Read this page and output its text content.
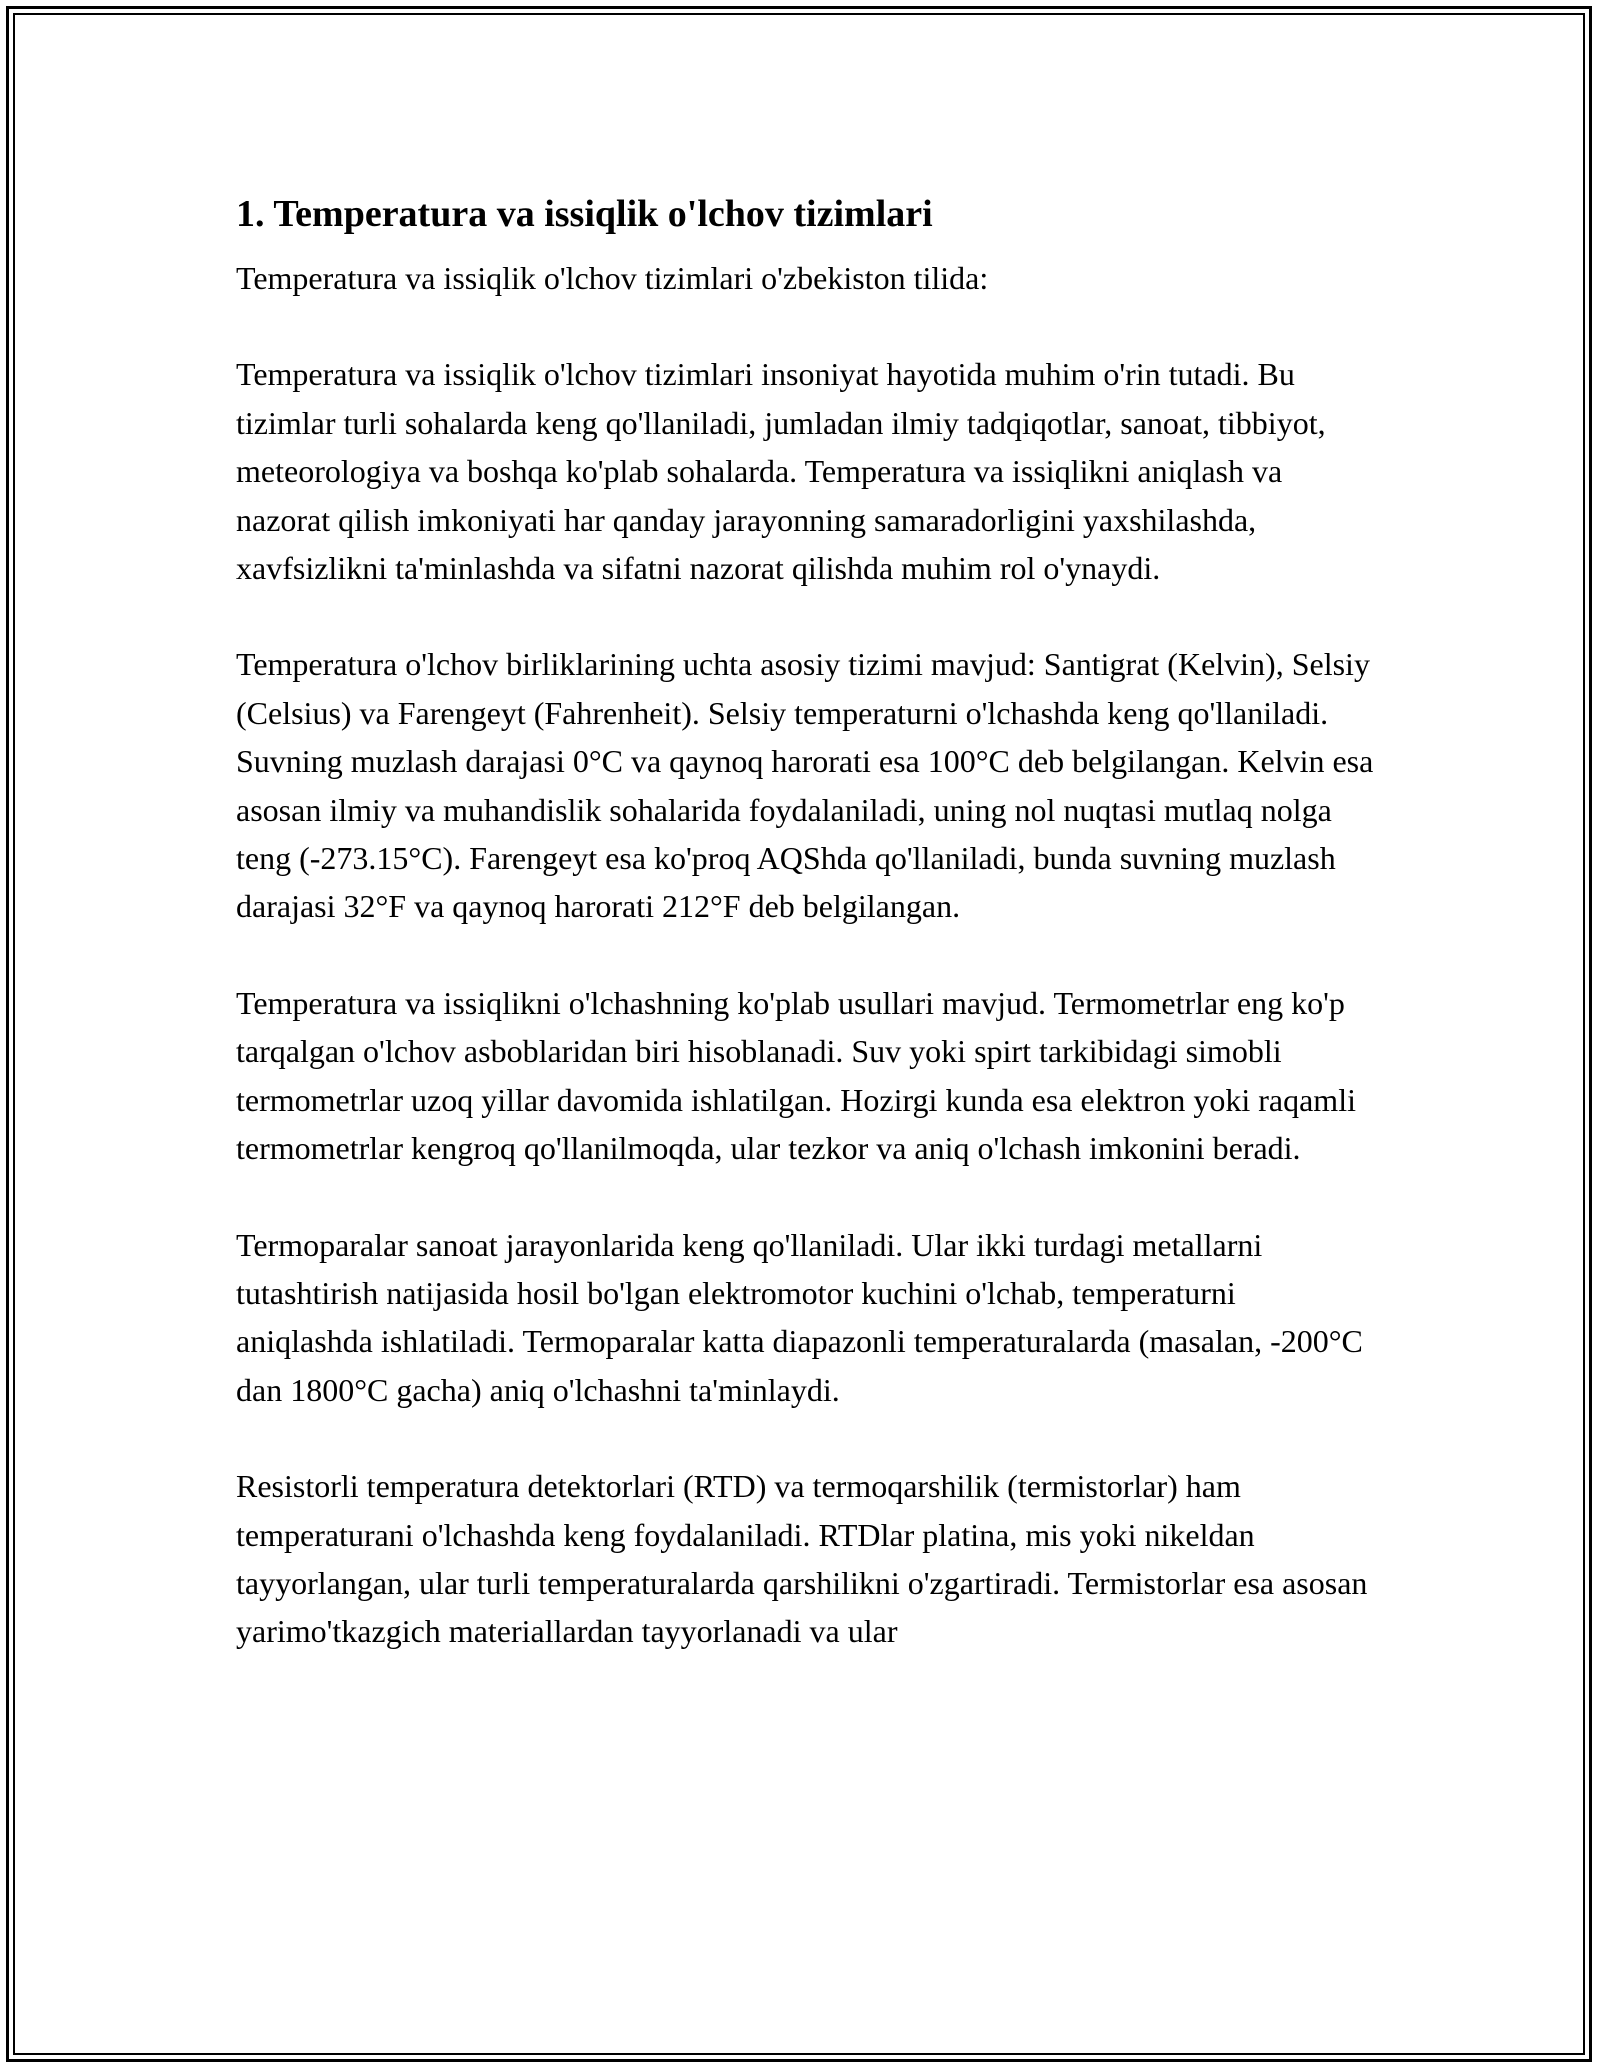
1. Temperatura va issiqlik o'lchov tizimlari

Temperatura va issiqlik o'lchov tizimlari o'zbekiston tilida:

Temperatura va issiqlik o'lchov tizimlari insoniyat hayotida muhim o'rin tutadi. Bu tizimlar turli sohalarda keng qo'llaniladi, jumladan ilmiy tadqiqotlar, sanoat, tibbiyot, meteorologiya va boshqa ko'plab sohalarda. Temperatura va issiqlikni aniqlash va nazorat qilish imkoniyati har qanday jarayonning samaradorligini yaxshilashda, xavfsizlikni ta'minlashda va sifatni nazorat qilishda muhim rol o'ynaydi.

Temperatura o'lchov birliklarining uchta asosiy tizimi mavjud: Santigrat (Kelvin), Selsiy (Celsius) va Farengeyt (Fahrenheit). Selsiy temperaturni o'lchashda keng qo'llaniladi. Suvning muzlash darajasi 0°C va qaynoq harorati esa 100°C deb belgilangan. Kelvin esa asosan ilmiy va muhandislik sohalarida foydalaniladi, uning nol nuqtasi mutlaq nolga teng (-273.15°C). Farengeyt esa ko'proq AQShda qo'llaniladi, bunda suvning muzlash darajasi 32°F va qaynoq harorati 212°F deb belgilangan.

Temperatura va issiqlikni o'lchashning ko'plab usullari mavjud. Termometrlar eng ko'p tarqalgan o'lchov asboblaridan biri hisoblanadi. Suv yoki spirt tarkibidagi simobli termometrlar uzoq yillar davomida ishlatilgan. Hozirgi kunda esa elektron yoki raqamli termometrlar kengroq qo'llanilmoqda, ular tezkor va aniq o'lchash imkonini beradi.

Termoparalar sanoat jarayonlarida keng qo'llaniladi. Ular ikki turdagi metallarni tutashtirish natijasida hosil bo'lgan elektromotor kuchini o'lchab, temperaturni aniqlashda ishlatiladi. Termoparalar katta diapazonli temperaturalarda (masalan, -200°C dan 1800°C gacha) aniq o'lchashni ta'minlaydi.

Resistorli temperatura detektorlari (RTD) va termoqarshilik (termistorlar) ham temperaturani o'lchashda keng foydalaniladi. RTDlar platina, mis yoki nikeldan tayyorlangan, ular turli temperaturalarda qarshilikni o'zgartiradi. Termistorlar esa asosan yarimo'tkazgich materiallardan tayyorlanadi va ular
